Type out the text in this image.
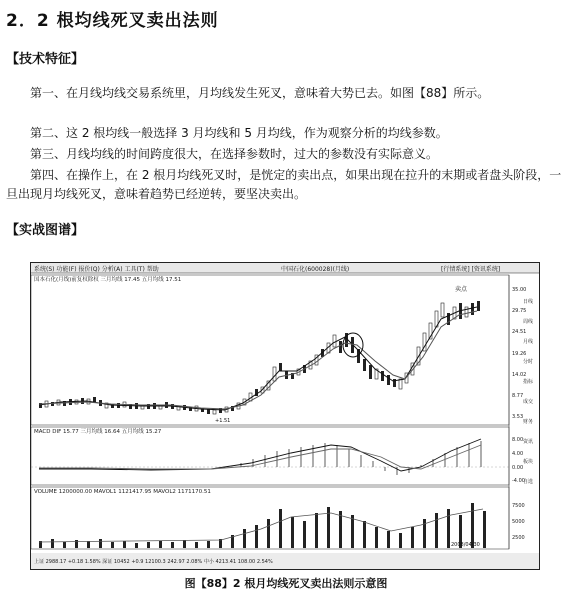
2．2 根均线死叉卖出法则
【技术特征】
第一、在月线均线交易系统里，月均线发生死叉，意味着大势已去。如图【88】所示。
第二、这 2 根均线一般选择 3 月均线和 5 月均线，作为观察分析的均线参数。
第三、月线均线的时间跨度很大，在选择参数时，过大的参数没有实际意义。
第四、在操作上，在 2 根月均线死叉时，是恍定的卖出点，如果出现在拉升的末期或者盘头阶段，一旦出现月均线死叉，意味着趋势已经逆转，要坚决卖出。
【实战图谱】
系统(S) 功能(F) 报价(Q) 分析(A) 工具(T) 帮助	中国石化(600028)(月线)	[行情系统] [资讯系统]
国本石化(月线)前复权除权 三月均线 17.45 五月均线 17.51
35.00
29.75
24.51
19.26
14.02
8.77
3.53
卖点
+1.51
MACD DIF 15.77 三月均线 16.64 五月均线 15.27
8.00
4.00
0.00
-4.00
VOLUME 1200000.00 MAVOL1 1121417.95 MAVOL2 1171170.51
7500
5000
2500
2008/04/30
日线
周线
月线
分时
指标
成交
财务
资讯
板块
自选
上证 2988.17 +0.18 1.58% 深证 10452 +0.9 12100.3 242.97 2.08% 中小 4213.41 108.00 2.54%
图【88】2 根月均线死叉卖出法则示意图
